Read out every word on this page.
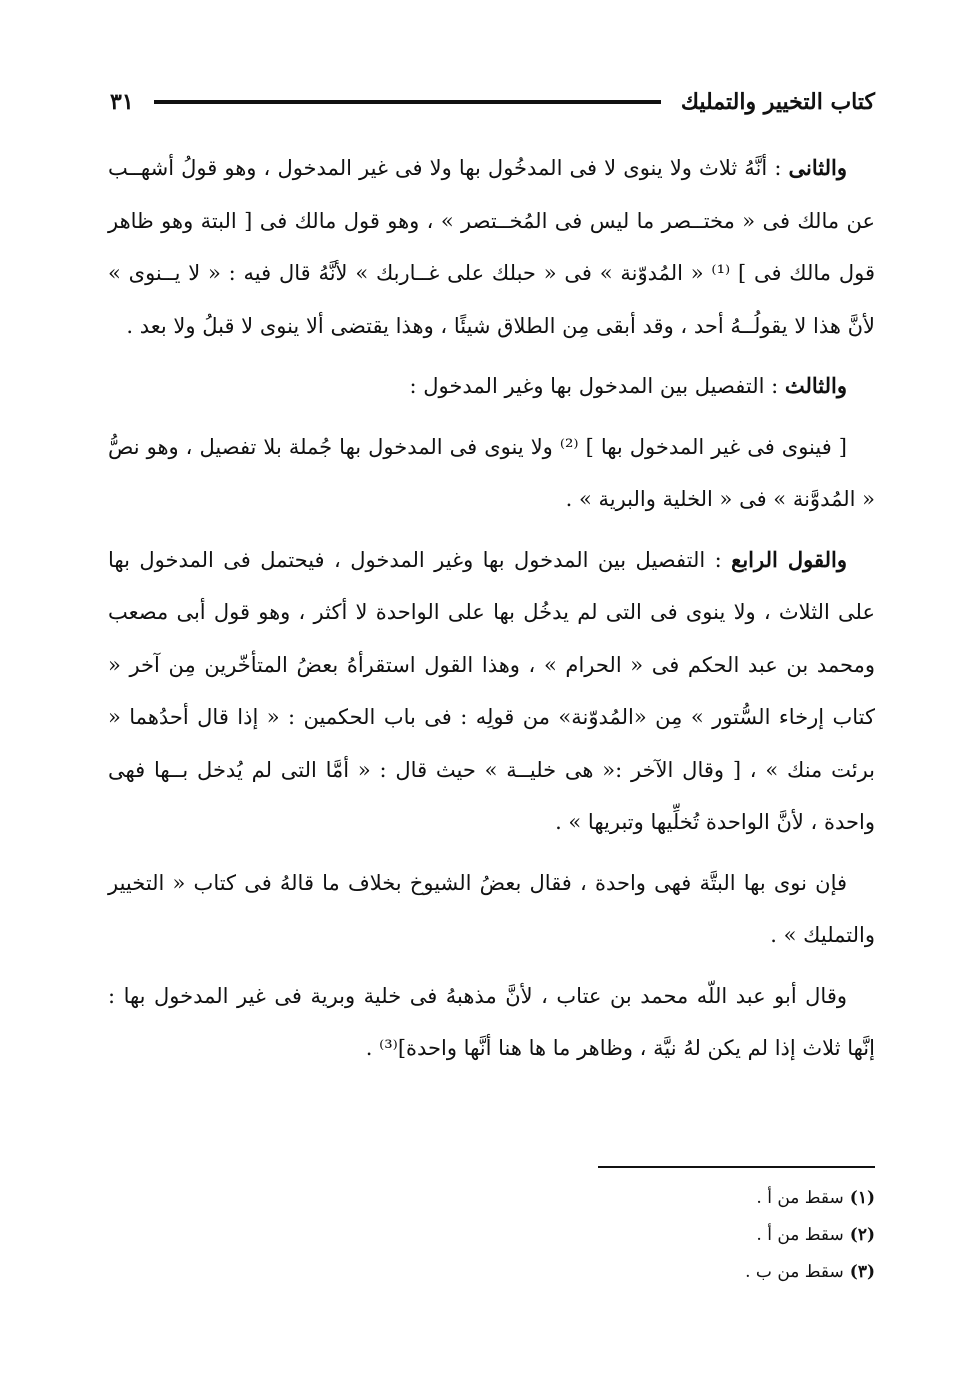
كتاب التخيير والتمليك
٣١

والثانى : أنَّهُ ثلاث ولا ينوى لا فى المدخُول بها ولا فى غير المدخول ، وهو قولُ أشهــب عن مالك فى « مختــصر ما ليس فى المُخــتصر » ، وهو قول مالك فى [ البتة وهو ظاهر قول مالك فى ] ⁽¹⁾ « المُدوّنة » فى « حبلك على غــاربك » لأنَّهُ قال فيه : « لا يــنوى » لأنَّ هذا لا يقولُــهُ أحد ، وقد أبقى مِن الطلاق شيئًا ، وهذا يقتضى ألا ينوى لا قبلُ ولا بعد .

والثالث : التفصيل بين المدخول بها وغير المدخول :

[ فينوى فى غير المدخول بها ] ⁽²⁾ ولا ينوى فى المدخول بها جُملة بلا تفصيل ، وهو نصُّ « المُدوَّنة » فى « الخلية والبرية » .

والقول الرابع : التفصيل بين المدخول بها وغير المدخول ، فيحتمل فى المدخول بها على الثلاث ، ولا ينوى فى التى لم يدخُل بها على الواحدة لا أكثر ، وهو قول أبى مصعب ومحمد بن عبد الحكم فى « الحرام » ، وهذا القول استقرأهُ بعضُ المتأخّرين مِن آخر « كتاب إرخاء السُّتور » مِن «المُدوّنة» من قولِه : فى باب الحكمين : « إذا قال أحدُهما « برئت منك » ، [ وقال الآخر :« هى خليــة » حيث قال : « أمَّا التى لم يُدخل بــها فهى واحدة ، لأنَّ الواحدة تُخلِّيها وتبريها » .

فإن نوى بها البتَّة فهى واحدة ، فقال بعضُ الشيوخ بخلاف ما قالهُ فى كتاب « التخيير والتمليك » .

وقال أبو عبد اللّه محمد بن عتاب ، لأنَّ مذهبهُ فى خلية وبرية فى غير المدخول بها : إنَّها ثلاث إذا لم يكن لهُ نيَّة ، وظاهر ما ها هنا أنَّها واحدة]⁽³⁾ .

(١)سقط من أ .
(٢)سقط من أ .
(٣)سقط من ب .
